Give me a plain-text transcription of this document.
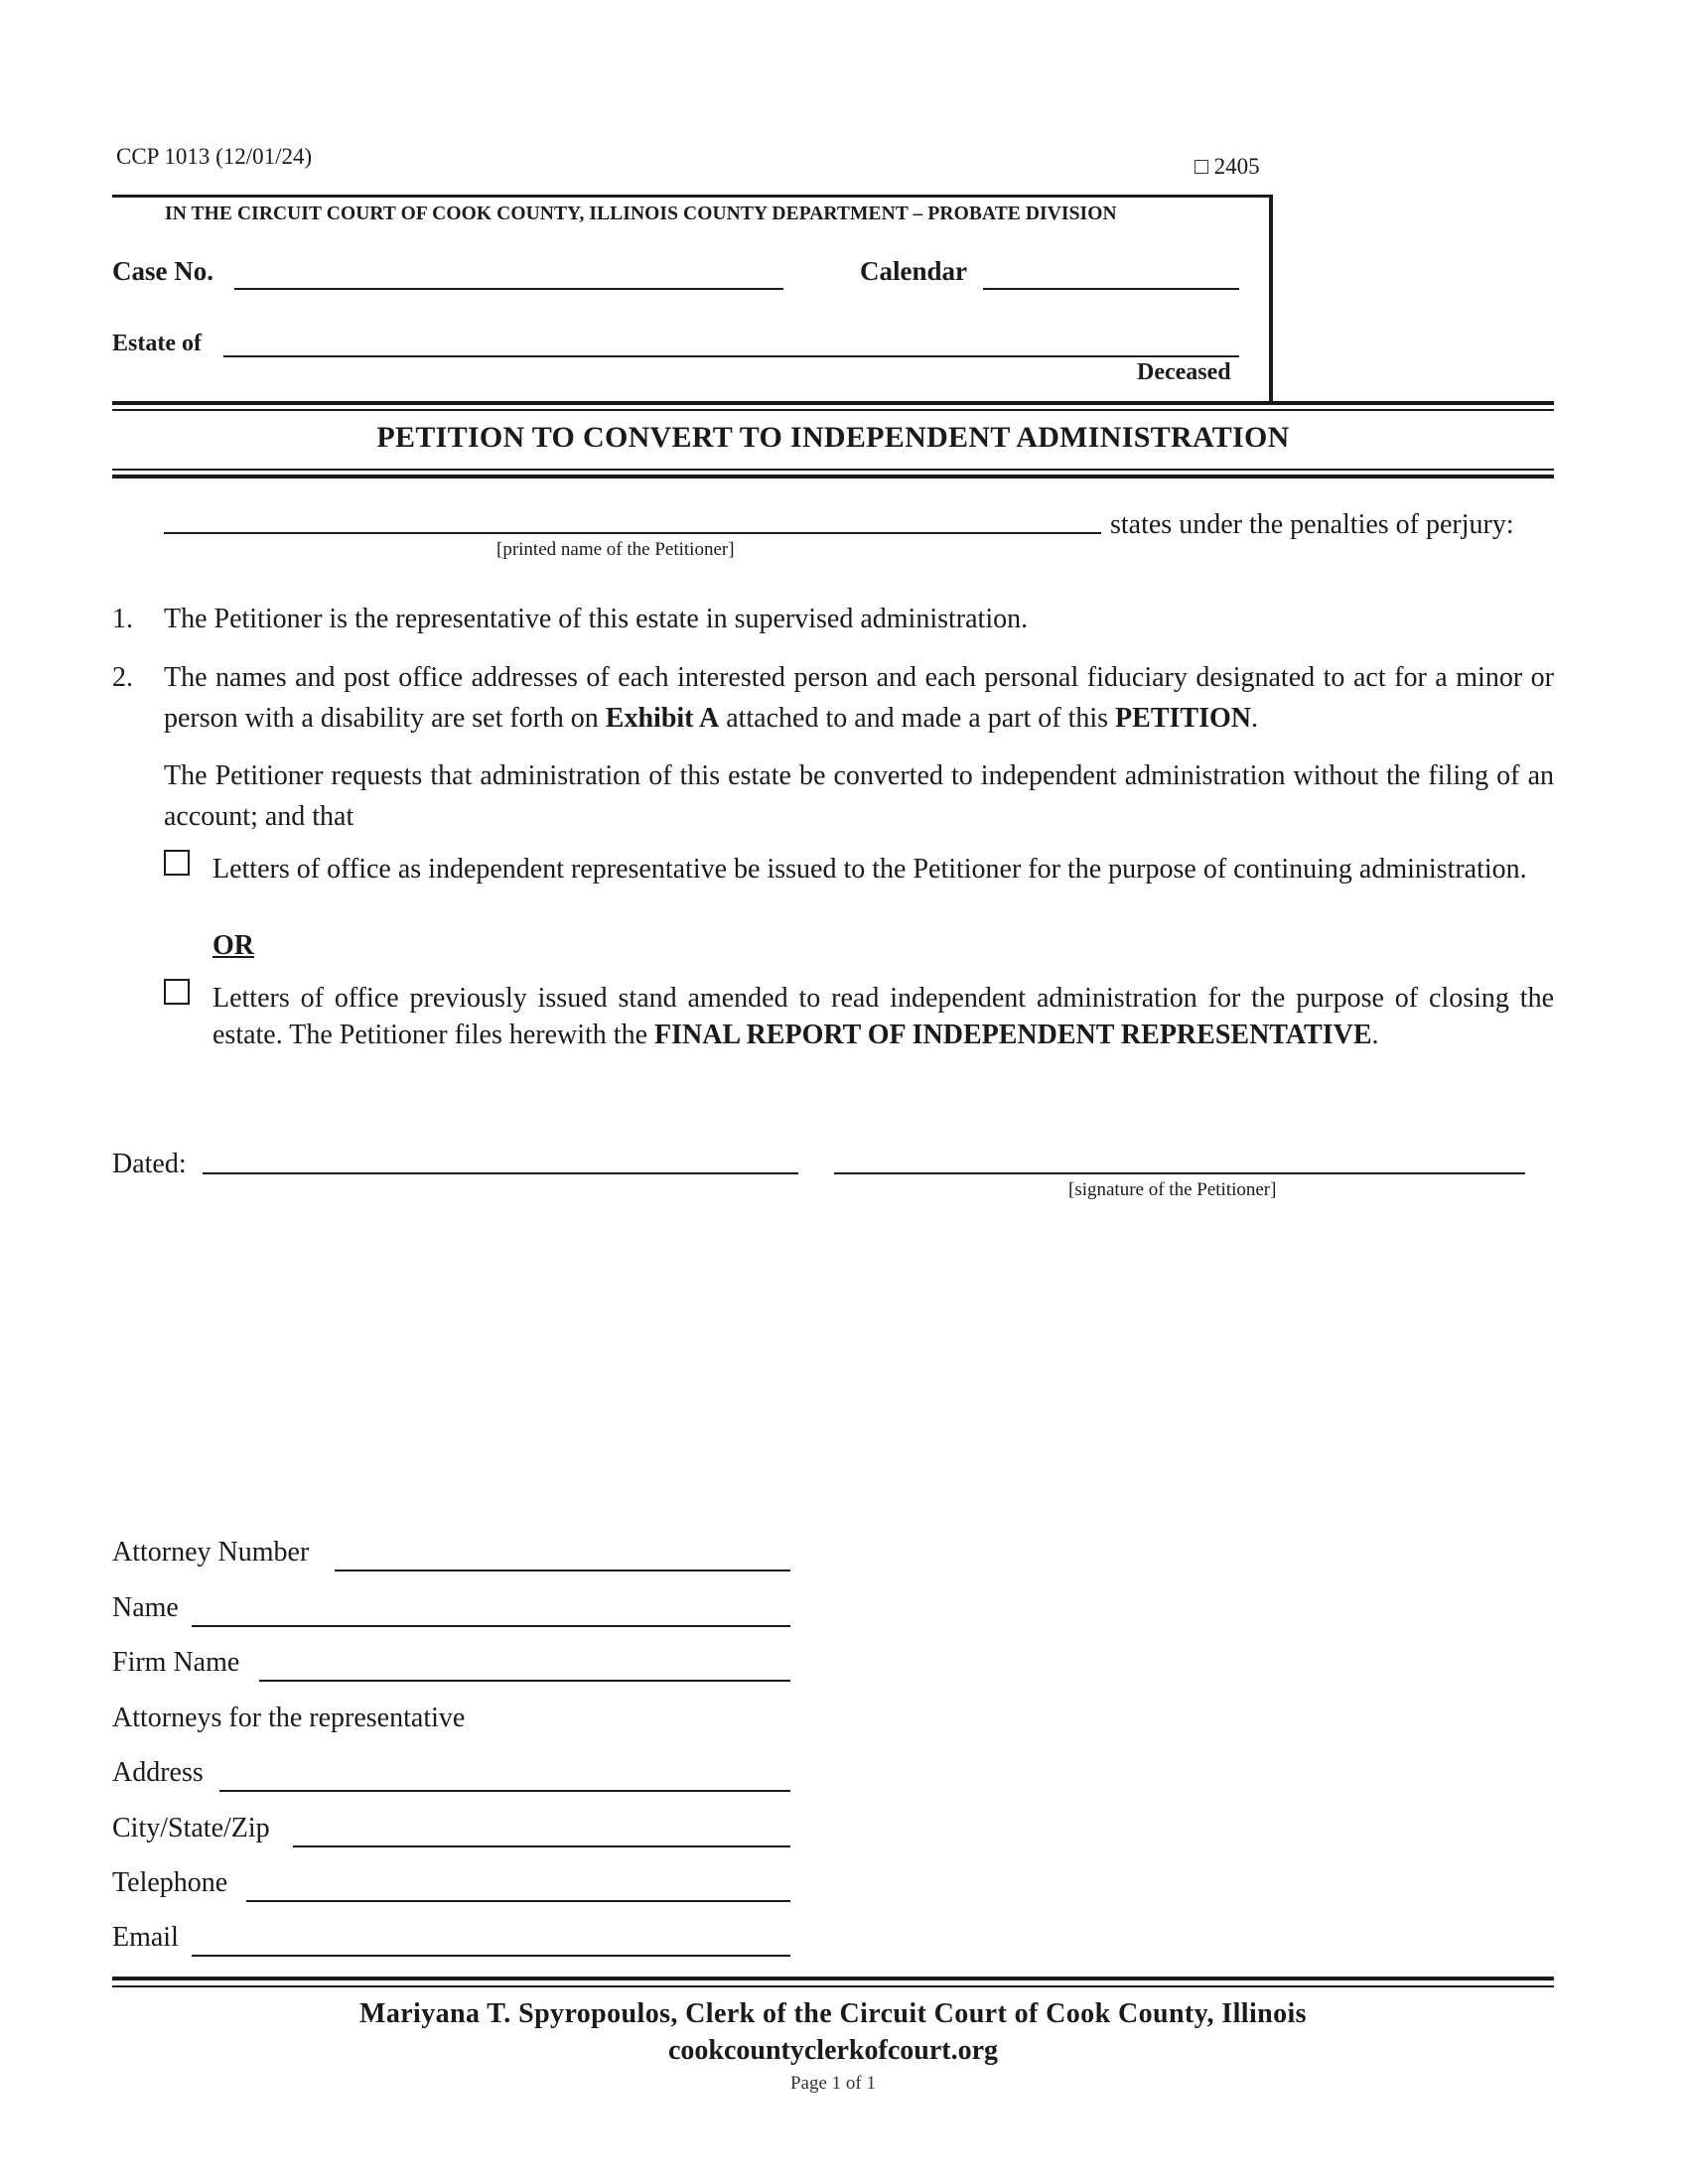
CCP 1013 (12/01/24)	□ 2405
IN THE CIRCUIT COURT OF COOK COUNTY, ILLINOIS COUNTY DEPARTMENT – PROBATE DIVISION
Case No.	Calendar
Estate of
Deceased
PETITION TO CONVERT TO INDEPENDENT ADMINISTRATION
states under the penalties of perjury:
[printed name of the Petitioner]
1. The Petitioner is the representative of this estate in supervised administration.
2. The names and post office addresses of each interested person and each personal fiduciary designated to act for a minor or person with a disability are set forth on Exhibit A attached to and made a part of this PETITION.
The Petitioner requests that administration of this estate be converted to independent administration without the filing of an account; and that
Letters of office as independent representative be issued to the Petitioner for the purpose of continuing administration.
OR
Letters of office previously issued stand amended to read independent administration for the purpose of closing the estate. The Petitioner files herewith the FINAL REPORT OF INDEPENDENT REPRESENTATIVE.
Dated:
[signature of the Petitioner]
Attorney Number
Name
Firm Name
Attorneys for the representative
Address
City/State/Zip
Telephone
Email
Mariyana T. Spyropoulos, Clerk of the Circuit Court of Cook County, Illinois
cookcountyclerkofcourt.org
Page 1 of 1
